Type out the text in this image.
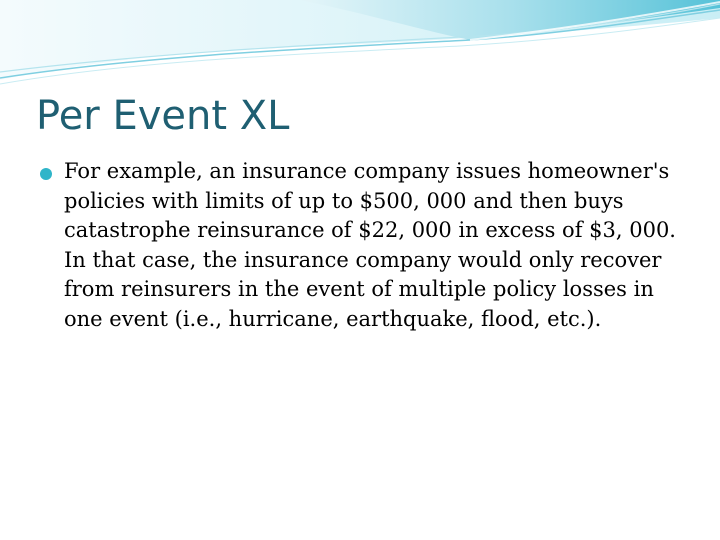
Per Event XL
For example, an insurance company issues homeowner's policies with limits of up to $500, 000 and then buys catastrophe reinsurance of $22, 000 in excess of $3, 000. In that case, the insurance company would only recover from reinsurers in the event of multiple policy losses in one event (i.e., hurricane, earthquake, flood, etc.).
